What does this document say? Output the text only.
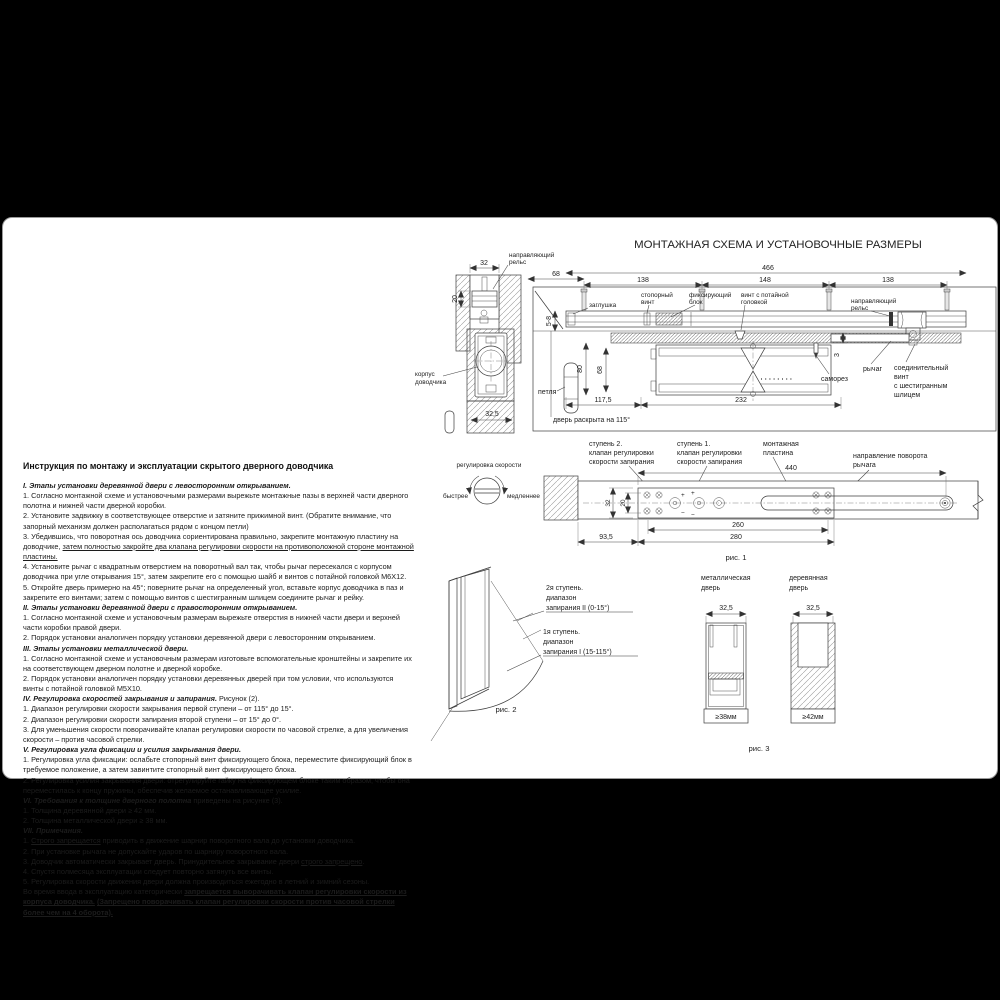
Инструкция по монтажу и эксплуатации скрытого дверного доводчика

I. Этапы установки деревянной двери с левосторонним открыванием.

1. Согласно монтажной схеме и установочными размерами вырежьте монтажные пазы в верхней части дверного полотна и нижней части дверной коробки.

2. Установите задвижку в соответствующее отверстие и затяните прижимной винт. (Обратите внимание, что запорный механизм должен располагаться рядом с концом петли)

3. Убедившись, что поворотная ось доводчика сориентирована правильно, закрепите монтажную пластину на доводчике, затем полностью закройте два клапана регулировки скорости на противоположной стороне монтажной пластины.

4. Установите рычаг с квадратным отверстием на поворотный вал так, чтобы рычаг пересекался с корпусом доводчика при угле открывания 15°, затем закрепите его с помощью шайб и винтов с потайной головкой М6Х12.

5. Откройте дверь примерно на 45°; поверните рычаг на определенный угол, вставьте корпус доводчика в паз и закрепите его винтами; затем с помощью винтов с шестигранным шлицем соедините рычаг и рейку.

II. Этапы установки деревянной двери с правосторонним открыванием.

1. Согласно монтажной схеме и установочным размерам вырежьте отверстия в нижней части двери и верхней части коробки правой двери.

2. Порядок установки аналогичен порядку установки деревянной двери с левосторонним открыванием.

III. Этапы установки металлической двери.

1. Согласно монтажной схеме и установочным размерам изготовьте вспомогательные кронштейны и закрепите их на соответствующем дверном полотне и дверной коробке.

2. Порядок установки аналогичен порядку установки деревянных дверей при том условии, что используются винты с потайной головкой М5Х10.

IV. Регулировка скоростей закрывания и запирания. Рисунок (2).

1. Диапазон регулировки скорости закрывания первой ступени – от 115° до 15°.

2. Диапазон регулировки скорости запирания второй ступени – от 15° до 0°.

3. Для уменьшения скорости поворачивайте клапан регулировки скорости по часовой стрелке, а для увеличения скорости – против часовой стрелки.

V. Регулировка угла фиксации и усилия закрывания двери.

1. Регулировка угла фиксации: ослабьте стопорный винт фиксирующего блока, переместите фиксирующий блок в требуемое положение, а затем завинтите стопорный винт фиксирующего блока.

2. Регулировка усилия закрывания двери: отрегулируйте гайку на фиксирующем блоке таким образом, чтобы она переместилась к концу пружины, обеспечив желаемое останавливающее усилие.

VI. Требования к толщине дверного полотна приведены на рисунке (3).

1. Толщина деревянной двери ≥ 42 мм.

2. Толщина металлической двери ≥ 38 мм.

VII. Примечания.

1. Строго запрещается приводить в движение шарнир поворотного вала до установки доводчика.

2. При установке рычага не допускайте ударов по шарниру поворотного вала.

3. Доводчик автоматически закрывает дверь. Принудительное закрывание двери строго запрещено.

4. Спустя полмесяца эксплуатации следует повторно затянуть все винты.

5. Регулировка скорости движения двери должна производиться ежегодно в летний и зимний сезоны.

Во время ввода в эксплуатацию категорически запрещается выворачивать клапан регулировки скорости из корпуса доводчика. (Запрещено поворачивать клапан регулировки скорости против часовой стрелки более чем на 4 оборота).

МОНТАЖНАЯ СХЕМА И УСТАНОВОЧНЫЕ РАЗМЕРЫ
32
20
32,5
направляющий
рельс
корпус
доводчика
68
466
138	148	138
5-8
80 68
3
117,5	232
дверь раскрыта на 115°
заглушка
стопорный
винт
фиксирующий
блок
винт с потайной
головкой	направляющий
рельс
петля
саморез
рычаг соединительный
винт
с шестигранным
шлицем
регулировка скорости
быстрее	медленнее
ступень 2.
клапан регулировки
скорости запирания
ступень 1.
клапан регулировки
скорости запирания
монтажная
пластина	направление поворота
рычага
+
−
+
−
440
32 20
260
280
93,5
рис. 1
2я ступень.
диапазон
запирания II (0-15°)
1я ступень.
диапазон
запирания I (15-115°)
рис. 2
металлическая
дверь
деревянная
дверь
32,5
≥38мм
32,5
≥42мм
рис. 3
